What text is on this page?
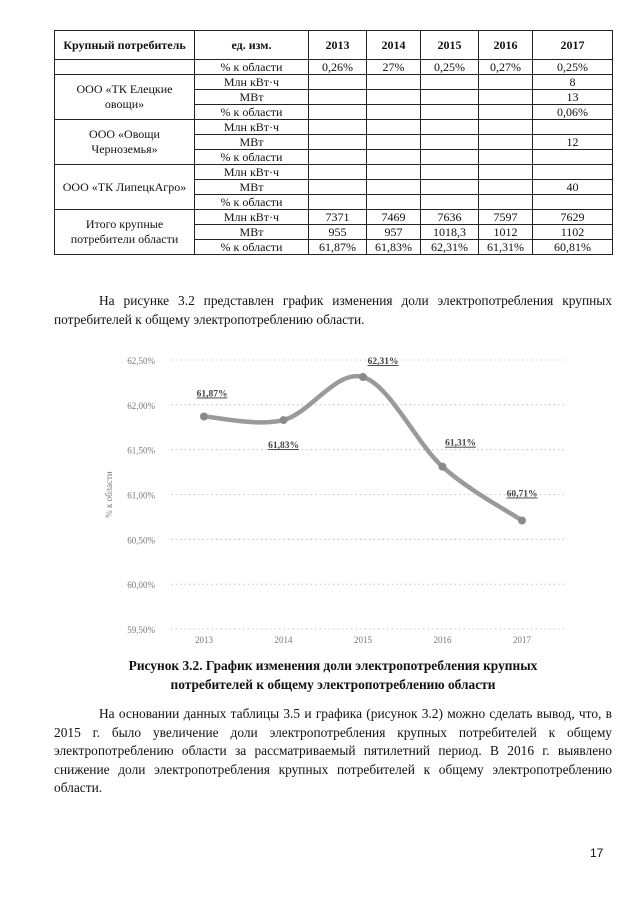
Крупный потребитель	ед. изм.	2013	2014	2015	2016	2017
	% к области	0,26%	27%	0,25%	0,27%	0,25%
ООО «ТК Елецкие овощи»	Млн кВт·ч					8
	МВт					13
	% к области					0,06%
ООО «Овощи Черноземья»	Млн кВт·ч					
	МВт					12
	% к области					
ООО «ТК ЛипецкАгро»	Млн кВт·ч					
	МВт					40
	% к области					
Итого крупные потребители области	Млн кВт·ч	7371	7469	7636	7597	7629
	МВт	955	957	1018,3	1012	1102
	% к области	61,87%	61,83%	62,31%	61,31%	60,81%

На рисунке 3.2 представлен график изменения доли электропотребления крупных потребителей к общему электропотреблению области.

59,50%
60,00%
60,50%
61,00%
61,50%
62,00%
62,50%
2013	2014	2015	2016	2017
% к области
61,87%
61,83%
62,31%
61,31%
60,71%

Рисунок 3.2. График изменения доли электропотребления крупных
потребителей к общему электропотреблению области

На основании данных таблицы 3.5 и графика (рисунок 3.2) можно сделать вывод, что, в 2015 г. было увеличение доли электропотребления крупных потребителей к общему электропотреблению области за рассматриваемый пятилетний период. В 2016 г. выявлено снижение доли электропотребления крупных потребителей к общему электропотреблению области.

17
